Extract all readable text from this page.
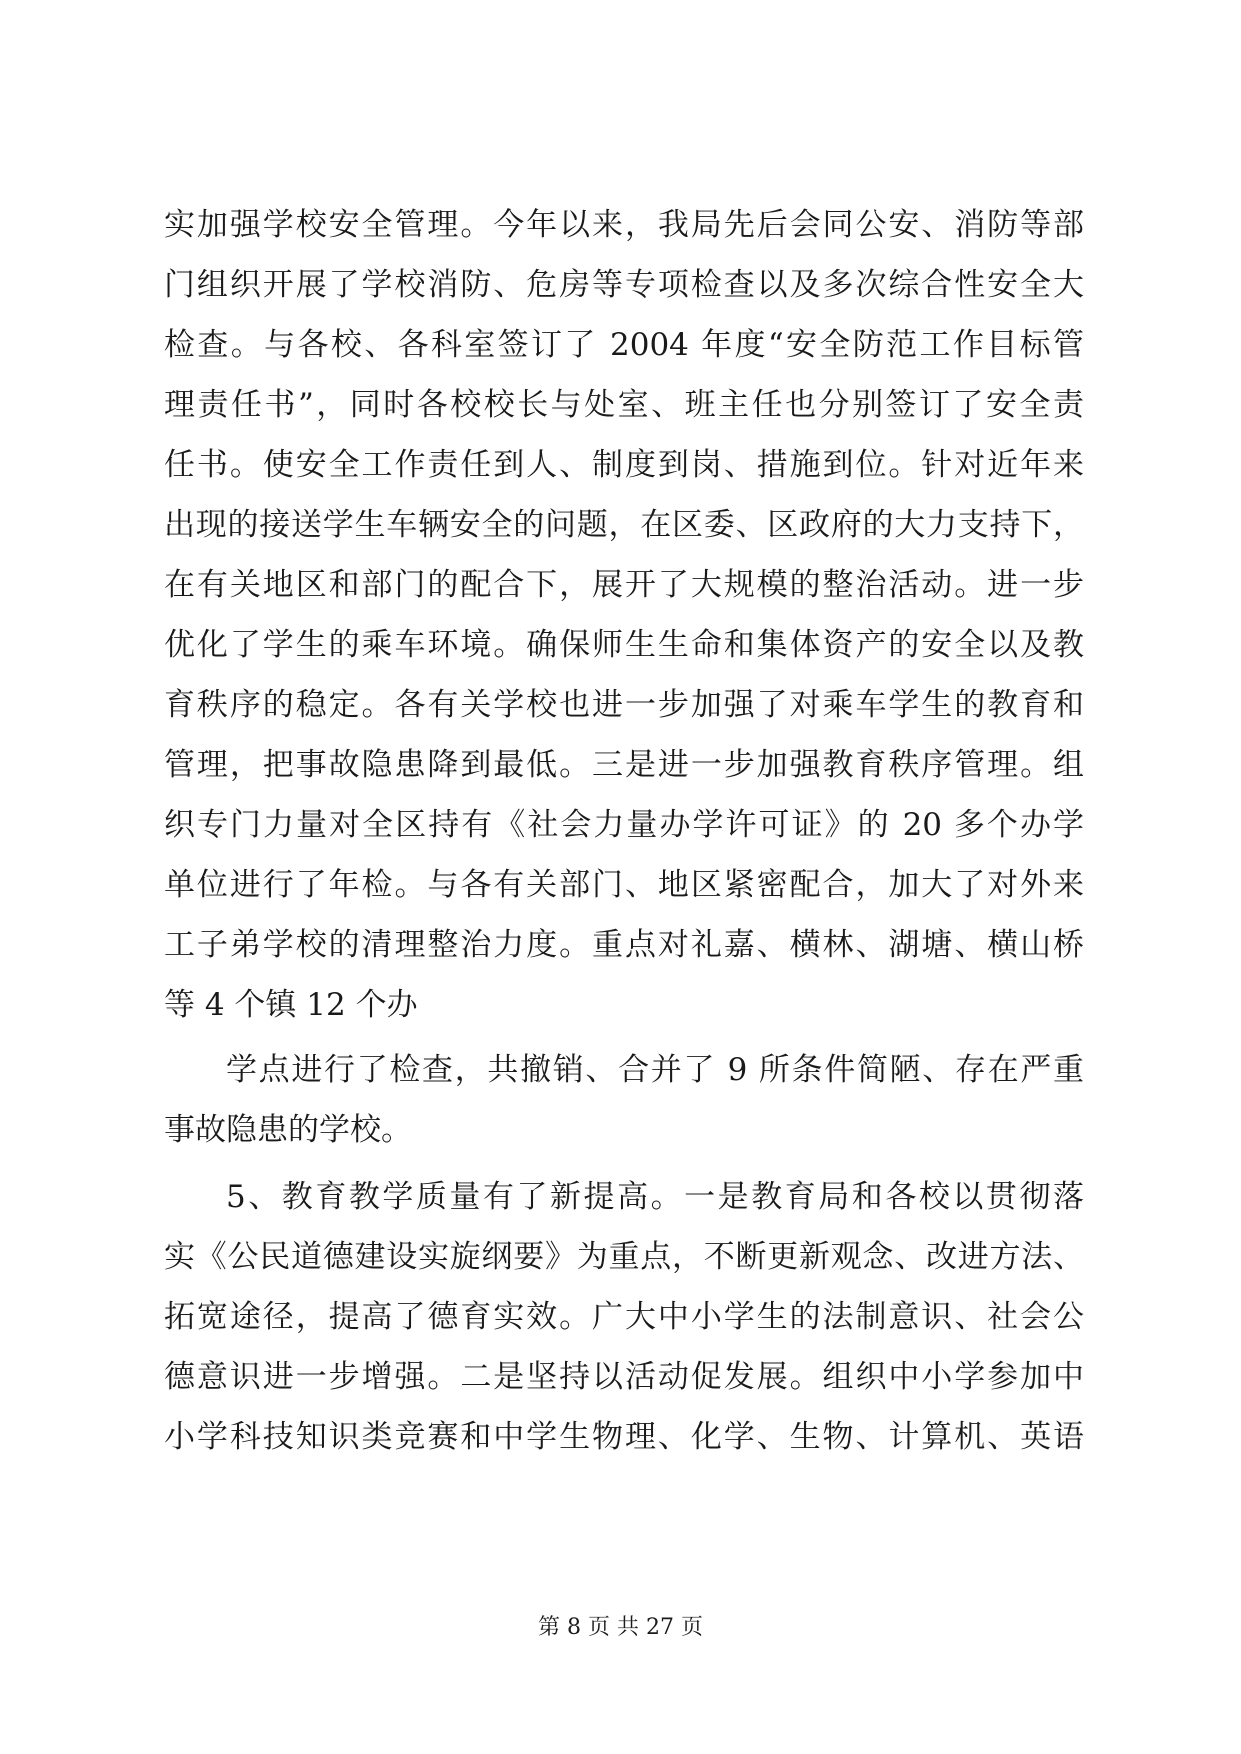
实加强学校安全管理。今年以来，我局先后会同公安、消防等部
门组织开展了学校消防、危房等专项检查以及多次综合性安全大
检查。与各校、各科室签订了 2004 年度“安全防范工作目标管
理责任书”，同时各校校长与处室、班主任也分别签订了安全责
任书。使安全工作责任到人、制度到岗、措施到位。针对近年来
出现的接送学生车辆安全的问题，在区委、区政府的大力支持下，
在有关地区和部门的配合下，展开了大规模的整治活动。进一步
优化了学生的乘车环境。确保师生生命和集体资产的安全以及教
育秩序的稳定。各有关学校也进一步加强了对乘车学生的教育和
管理，把事故隐患降到最低。三是进一步加强教育秩序管理。组
织专门力量对全区持有《社会力量办学许可证》的 20 多个办学
单位进行了年检。与各有关部门、地区紧密配合，加大了对外来
工子弟学校的清理整治力度。重点对礼嘉、横林、湖塘、横山桥
等 4 个镇 12 个办
学点进行了检查，共撤销、合并了 9 所条件简陋、存在严重
事故隐患的学校。
5、教育教学质量有了新提高。一是教育局和各校以贯彻落
实《公民道德建设实旋纲要》为重点，不断更新观念、改进方法、
拓宽途径，提高了德育实效。广大中小学生的法制意识、社会公
德意识进一步增强。二是坚持以活动促发展。组织中小学参加中
小学科技知识类竞赛和中学生物理、化学、生物、计算机、英语
第 8 页 共 27 页
